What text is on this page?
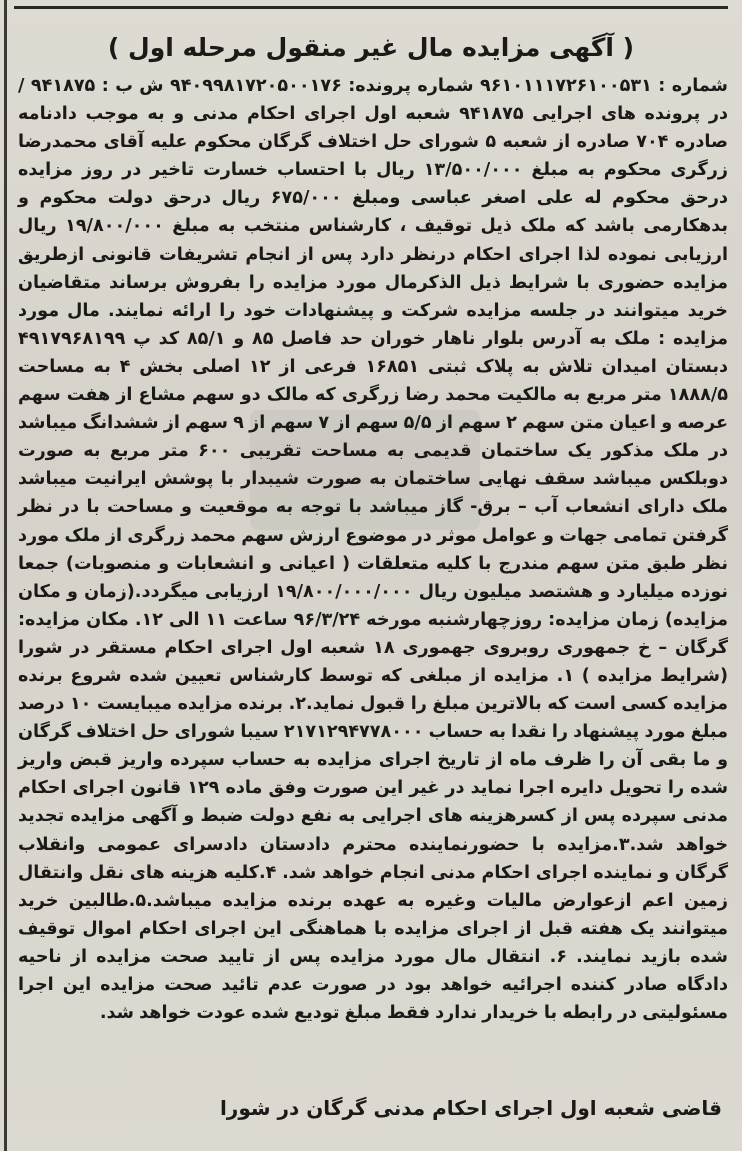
( آگهی مزایده مال غیر منقول مرحله اول )
شماره : ۹۶۱۰۱۱۱۷۲۶۱۰۰۵۳۱ شماره پرونده: ۹۴۰۹۹۸۱۷۲۰۵۰۰۱۷۶ ش ب : ۹۴۱۸۷۵ /در پرونده های اجرایی ۹۴۱۸۷۵ شعبه اول اجرای احکام مدنی و به موجب دادنامه صادره ۷۰۴ صادره از شعبه ۵ شورای حل اختلاف گرگان محکوم علیه آقای محمدرضا زرگری محکوم به مبلغ ۱۳/۵۰۰/۰۰۰ ریال با احتساب خسارت تاخیر در روز مزایده درحق محکوم له علی اصغر عباسی ومبلغ ۶۷۵/۰۰۰ ریال درحق دولت محکوم و بدهکارمی باشد که ملک ذیل توقیف ، کارشناس منتخب به مبلغ ۱۹/۸۰۰/۰۰۰ ریال ارزیابی نموده لذا اجرای احکام درنظر دارد پس از انجام تشریفات قانونی ازطریق مزایده حضوری با شرایط ذیل الذکرمال مورد مزایده را بفروش برساند متقاضیان خرید میتوانند در جلسه مزایده شرکت و پیشنهادات خود را ارائه نمایند. مال مورد مزایده : ملک به آدرس بلوار ناهار خوران حد فاصل ۸۵ و ۸۵/۱ کد پ ۴۹۱۷۹۶۸۱۹۹ دبستان امیدان تلاش به پلاک ثبتی ۱۶۸۵۱ فرعی از ۱۲ اصلی بخش ۴ به مساحت ۱۸۸۸/۵ متر مربع به مالکیت محمد رضا زرگری که مالک دو سهم مشاع از هفت سهم عرصه و اعیان متن سهم ۲ سهم از ۵/۵ سهم از ۷ سهم از ۹ سهم از ششدانگ میباشد در ملک مذکور یک ساختمان قدیمی به مساحت تقریبی ۶۰۰ متر مربع به صورت دوبلکس میباشد سقف نهایی ساختمان به صورت شیبدار با پوشش ایرانیت میباشد ملک دارای انشعاب آب – برق- گاز میباشد با توجه به موقعیت و مساحت با در نظر گرفتن تمامی جهات و عوامل موثر در موضوع ارزش سهم محمد زرگری از ملک مورد نظر طبق متن سهم مندرج با کلیه متعلقات ( اعیانی و انشعابات و منصوبات) جمعا نوزده میلیارد و هشتصد میلیون ریال ۱۹/۸۰۰/۰۰۰/۰۰۰ ارزیابی میگردد.(زمان و مکان مزایده) زمان مزایده: روزچهارشنبه مورخه ۹۶/۳/۲۴ ساعت ۱۱ الی ۱۲. مکان مزایده: گرگان – خ جمهوری روبروی جهموری ۱۸ شعبه اول اجرای احکام مستقر در شورا (شرایط مزایده ) ۱. مزایده از مبلغی که توسط کارشناس تعیین شده شروع برنده مزایده کسی است که بالاترین مبلغ را قبول نماید.۲. برنده مزایده میبایست ۱۰ درصد مبلغ مورد پیشنهاد را نقدا به حساب ۲۱۷۱۲۹۴۷۷۸۰۰۰ سیبا شورای حل اختلاف گرگان و ما بقی آن را ظرف ماه از تاریخ اجرای مزایده به حساب سپرده واریز قبض واریز شده را تحویل دایره اجرا نماید در غیر این صورت وفق ماده ۱۲۹ قانون اجرای احکام مدنی سپرده پس از کسرهزینه های اجرایی به نفع دولت ضبط و آگهی مزایده تجدید خواهد شد.۳.مزایده با حضورنماینده محترم دادستان دادسرای عمومی وانقلاب گرگان و نماینده اجرای احکام مدنی انجام خواهد شد. ۴.کلیه هزینه های نقل وانتقال زمین اعم ازعوارض مالیات وغیره به عهده برنده مزایده میباشد.۵.طالبین خرید میتوانند یک هفته قبل از اجرای مزایده با هماهنگی این اجرای احکام اموال توقیف شده بازید نمایند. ۶. انتقال مال مورد مزایده پس از تایید صحت مزایده از ناحیه دادگاه صادر کننده اجرائیه خواهد بود در صورت عدم تائید صحت مزایده این اجرا مسئولیتی در رابطه با خریدار ندارد فقط مبلغ تودیع شده عودت خواهد شد.
قاضی شعبه اول اجرای احکام مدنی گرگان در شورا
